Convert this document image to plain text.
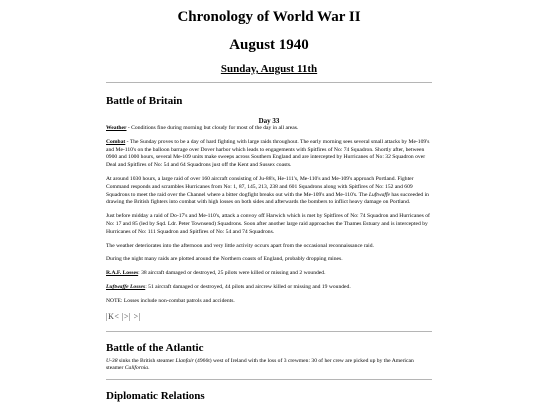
Chronology of World War II
August 1940
Sunday, August 11th
Battle of Britain
Day 33

Weather - Conditions fine during morning but cloudy for most of the day in all areas.

Combat - The Sunday proves to be a day of hard fighting with large raids throughout. The early morning sees several small attacks by Me-109's and Me-110's on the balloon barrage over Dover harbor which leads to engagements with Spitfires of No: 74 Squadron. Shortly after, between 0900 and 1000 hours, several Me-109 units make sweeps across Southern England and are intercepted by Hurricanes of No: 32 Squadron over Deal and Spitfires of No: 54 and 64 Squadrons just off the Kent and Sussex coasts.

At around 1030 hours, a large raid of over 160 aircraft consisting of Ju-88's, He-111's, Me-110's and Me-109's approach Portland. Fighter Command responds and scrambles Hurricanes from No: 1, 87, 145, 213, 238 and 601 Squadrons along with Spitfires of No: 152 and 609 Squadrons to meet the raid over the Channel where a bitter dogfight breaks out with the Me-109's and Me-110's. The Luftwaffe has succeeded in drawing the British fighters into combat with high losses on both sides and afterwards the bombers to inflict heavy damage on Portland.

Just before midday a raid of Do-17's and Me-110's, attack a convoy off Harwich which is met by Spitfires of No: 74 Squadron and Hurricanes of No: 17 and 85 (led by Sqd. Ldr. Peter Townsend) Squadrons. Soon after another large raid approaches the Thames Estuary and is intercepted by Hurricanes of No: 111 Squadron and Spitfires of No: 54 and 74 Squadrons.

The weather deteriorates into the afternoon and very little activity occurs apart from the occasional reconnaissance raid.

During the night many raids are plotted around the Northern coasts of England, probably dropping mines.

R.A.F. Losses: 38 aircraft damaged or destroyed, 25 pilots were killed or missing and 2 wounded.

Luftwaffe Losses: 51 aircraft damaged or destroyed, 44 pilots and aircrew killed or missing and 19 wounded.

NOTE: Losses include non-combat patrols and accidents.

|K< |>| >|
Battle of the Atlantic

U-38 sinks the British steamer Llanfair (4966t) west of Ireland with the loss of 3 crewmen: 30 of her crew are picked up by the American steamer California.

Diplomatic Relations
